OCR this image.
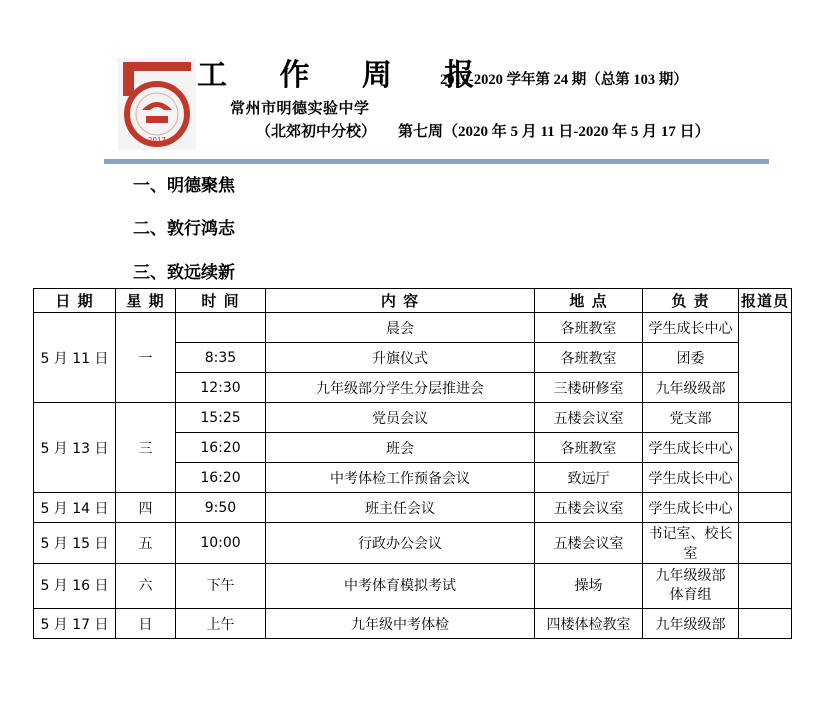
2017
工 作 周 报
2019-2020 学年第 24 期（总第 103 期）
常州市明德实验中学
（北郊初中分校） 第七周（2020 年 5 月 11 日-2020 年 5 月 17 日）
一、明德聚焦
二、敦行鸿志
三、致远续新
日 期	星 期	时 间	内 容	地 点	负 责	报道员
5 月 11 日	一		晨会	各班教室	学生成长中心	
		8:35	升旗仪式	各班教室	团委	
		12:30	九年级部分学生分层推进会	三楼研修室	九年级级部	
5 月 13 日	三	15:25	党员会议	五楼会议室	党支部	
		16:20	班会	各班教室	学生成长中心	
		16:20	中考体检工作预备会议	致远厅	学生成长中心	
5 月 14 日	四	9:50	班主任会议	五楼会议室	学生成长中心	
5 月 15 日	五	10:00	行政办公会议	五楼会议室	书记室、校长室	
5 月 16 日	六	下午	中考体育模拟考试	操场	九年级级部
体育组	

5 月 17 日	日	上午	九年级中考体检	四楼体检教室	九年级级部	
